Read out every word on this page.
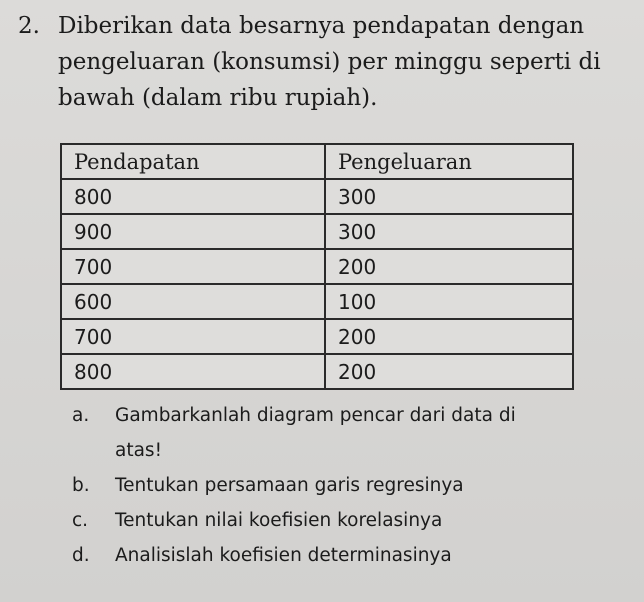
2. Diberikan data besarnya pendapatan dengan
pengeluaran (konsumsi) per minggu seperti di
bawah (dalam ribu rupiah).
Pendapatan	Pengeluaran
800	300
900	300
700	200
600	100
700	200
800	200
a.	Gambarkanlah diagram pencar dari data di
atas!
b.	Tentukan persamaan garis regresinya
c.	Tentukan nilai koefisien korelasinya
d.	Analisislah koefisien determinasinya
